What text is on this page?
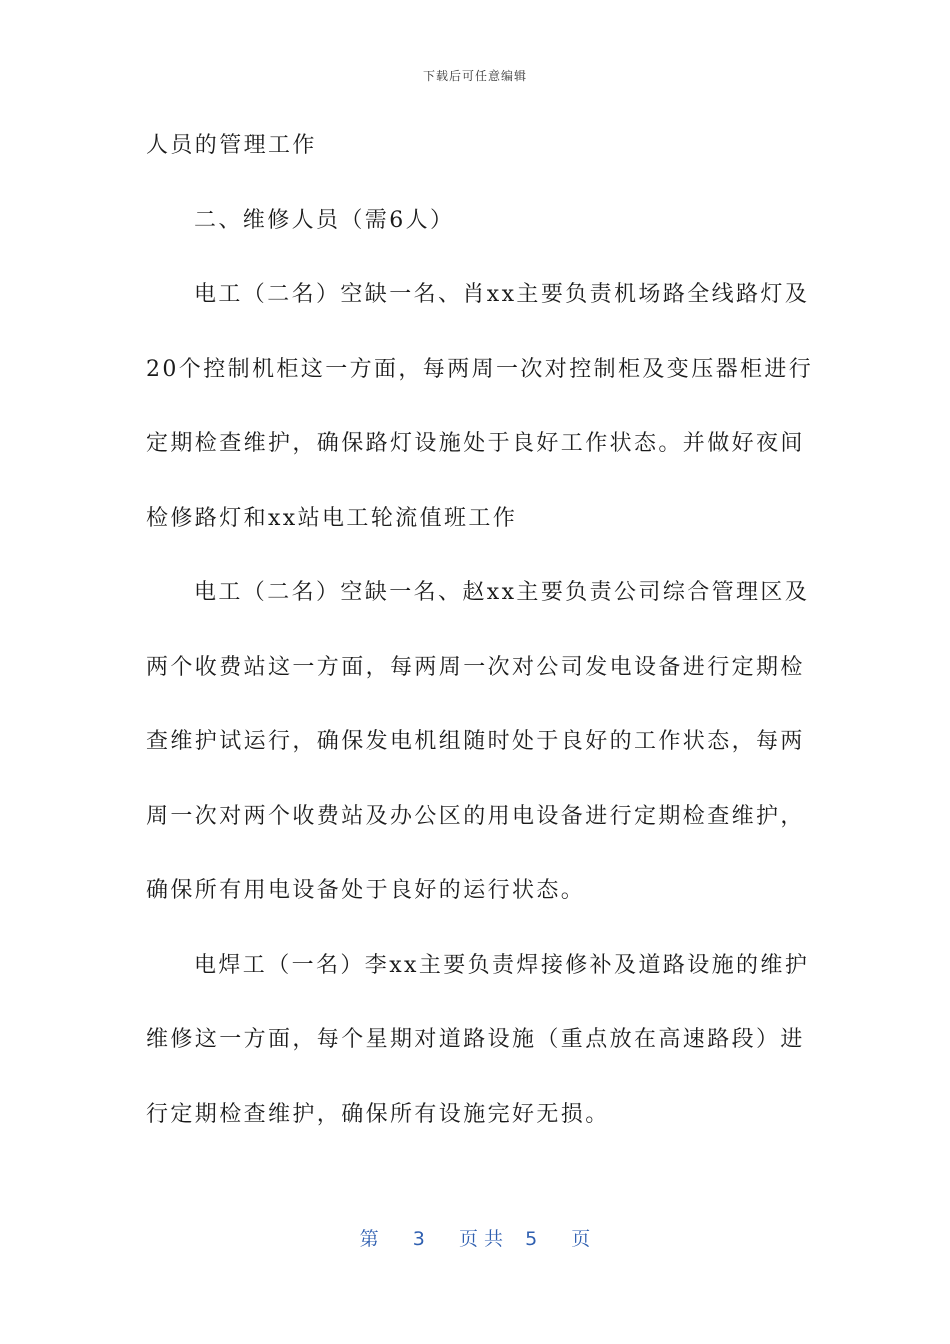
下载后可任意编辑
人员的管理工作
二、维修人员（需6人）
电工（二名）空缺一名、肖xx主要负责机场路全线路灯及
20个控制机柜这一方面，每两周一次对控制柜及变压器柜进行
定期检查维护，确保路灯设施处于良好工作状态。并做好夜间
检修路灯和xx站电工轮流值班工作
电工（二名）空缺一名、赵xx主要负责公司综合管理区及
两个收费站这一方面，每两周一次对公司发电设备进行定期检
查维护试运行，确保发电机组随时处于良好的工作状态，每两
周一次对两个收费站及办公区的用电设备进行定期检查维护，
确保所有用电设备处于良好的运行状态。
电焊工（一名）李xx主要负责焊接修补及道路设施的维护
维修这一方面，每个星期对道路设施（重点放在高速路段）进
行定期检查维护，确保所有设施完好无损。
第 3 页 共 5 页
